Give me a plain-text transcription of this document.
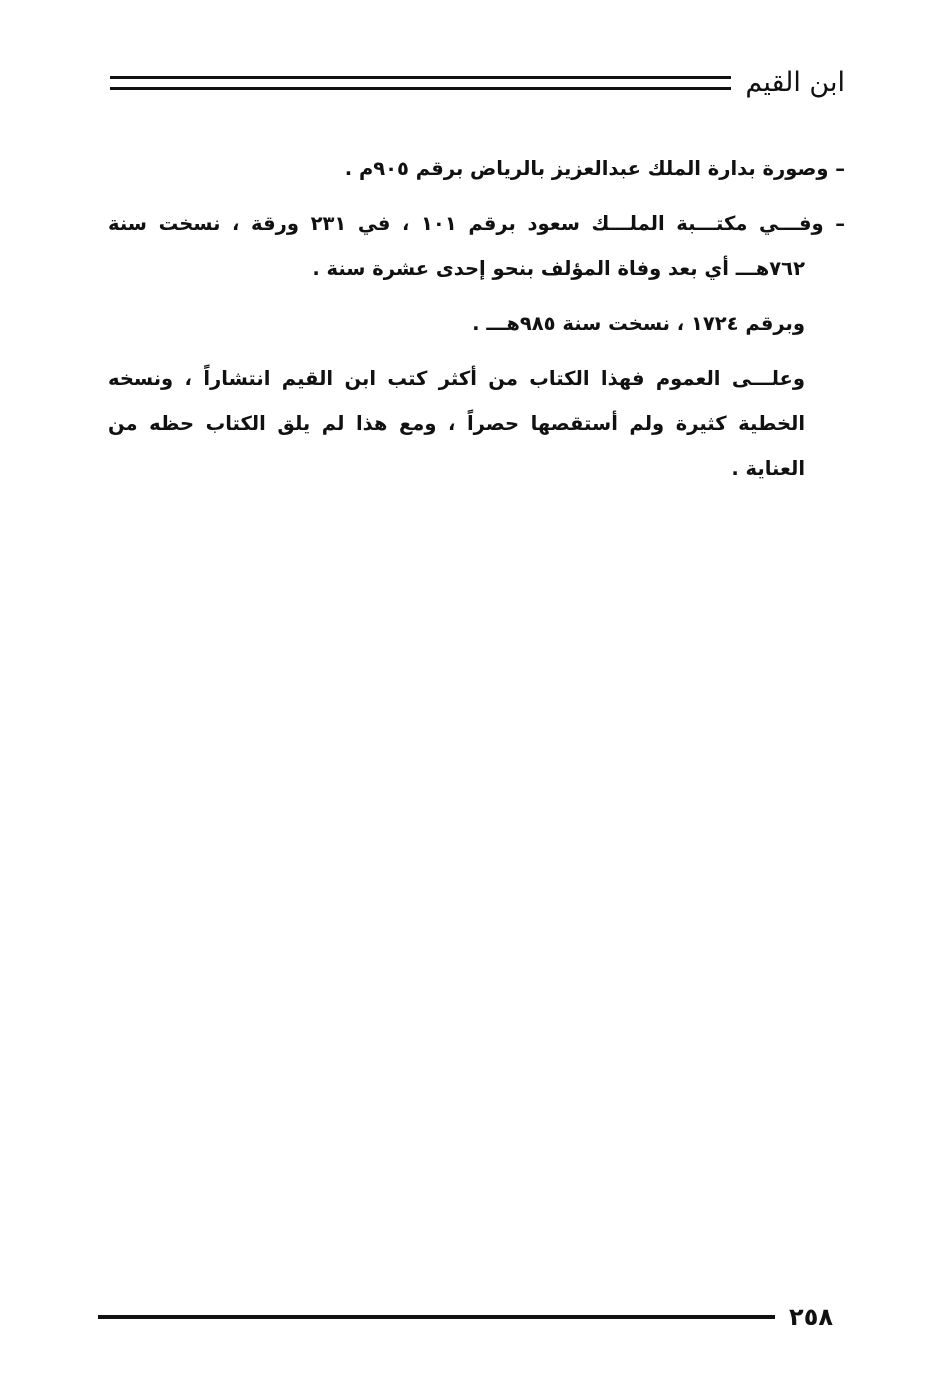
ابن القيم

– وصورة بدارة الملك عبدالعزيز بالرياض برقم ٩٠٥م .

– وفـــي مكتـــبة الملـــك سعود برقم ١٠١ ، في ٢٣١ ورقة ، نسخت سنة ٧٦٢هـــ أي بعد وفاة المؤلف بنحو إحدى عشرة سنة .

وبرقم ١٧٢٤ ، نسخت سنة ٩٨٥هـــ .

وعلـــى العموم فهذا الكتاب من أكثر كتب ابن القيم انتشاراً ، ونسخه الخطية كثيرة ولم أستقصها حصراً ، ومع هذا لم يلق الكتاب حظه من العناية .

٢٥٨
